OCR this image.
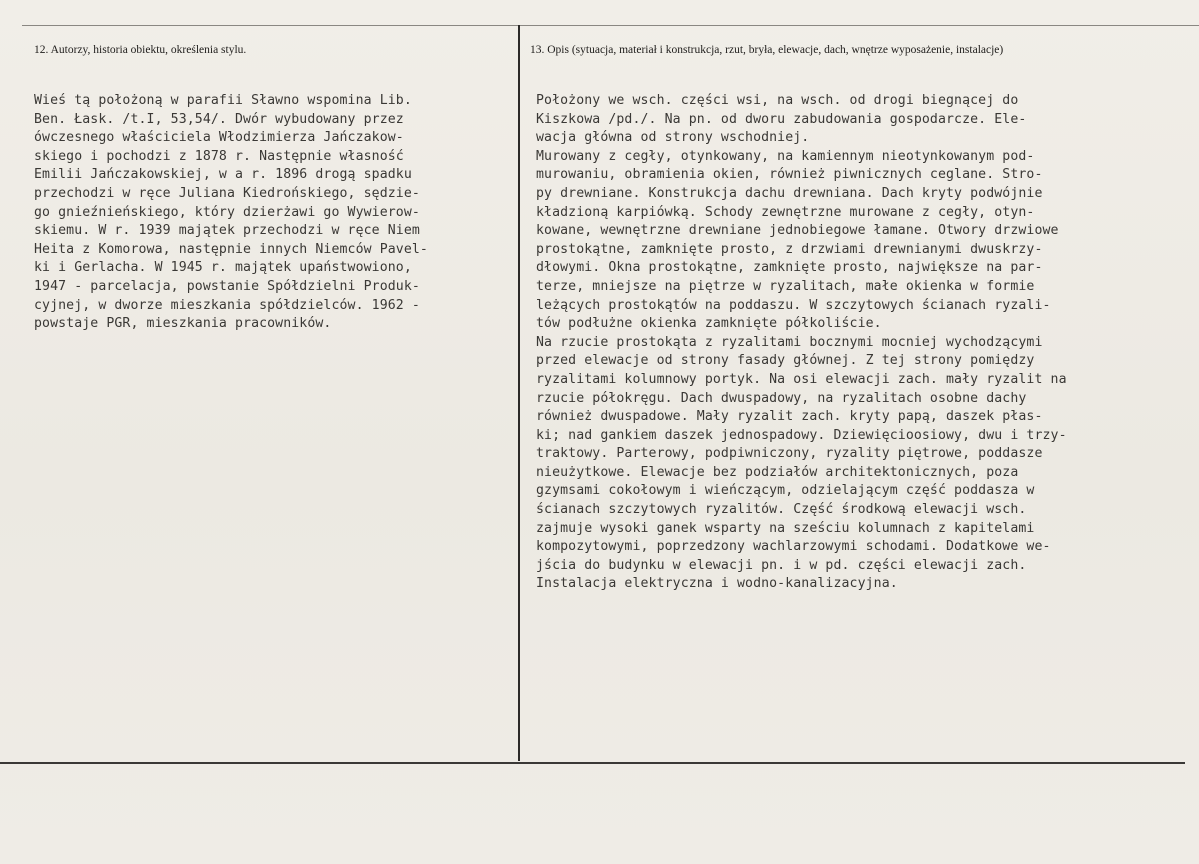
12. Autorzy, historia obiektu, określenia stylu.	13. Opis (sytuacja, materiał i konstrukcja, rzut, bryła, elewacje, dach, wnętrze wyposażenie, instalacje)
Wieś tą położoną w parafii Sławno wspomina Lib.
Ben. Łask. /t.I, 53,54/. Dwór wybudowany przez
ówczesnego właściciela Włodzimierza Jańczakow-
skiego i pochodzi z 1878 r. Następnie własność
Emilii Jańczakowskiej, w a r. 1896 drogą spadku
przechodzi w ręce Juliana Kiedrońskiego, sędzie-
go gnieźnieńskiego, który dzierżawi go Wywierow-
skiemu. W r. 1939 majątek przechodzi w ręce Niem
Heita z Komorowa, następnie innych Niemców Pavel-
ki i Gerlacha. W 1945 r. majątek upaństwowiono,
1947 - parcelacja, powstanie Spółdzielni Produk-
cyjnej, w dworze mieszkania spółdzielców. 1962 -
powstaje PGR, mieszkania pracowników.
Położony we wsch. części wsi, na wsch. od drogi biegnącej do
Kiszkowa /pd./. Na pn. od dworu zabudowania gospodarcze. Ele-
wacja główna od strony wschodniej.
Murowany z cegły, otynkowany, na kamiennym nieotynkowanym pod-
murowaniu, obramienia okien, również piwnicznych ceglane. Stro-
py drewniane. Konstrukcja dachu drewniana. Dach kryty podwójnie
kładzioną karpiówką. Schody zewnętrzne murowane z cegły, otyn-
kowane, wewnętrzne drewniane jednobiegowe łamane. Otwory drzwiowe
prostokątne, zamknięte prosto, z drzwiami drewnianymi dwuskrzy-
dłowymi. Okna prostokątne, zamknięte prosto, największe na par-
terze, mniejsze na piętrze w ryzalitach, małe okienka w formie
leżących prostokątów na poddaszu. W szczytowych ścianach ryzali-
tów podłużne okienka zamknięte półkoliście.
Na rzucie prostokąta z ryzalitami bocznymi mocniej wychodzącymi
przed elewacje od strony fasady głównej. Z tej strony pomiędzy
ryzalitami kolumnowy portyk. Na osi elewacji zach. mały ryzalit na
rzucie półokręgu. Dach dwuspadowy, na ryzalitach osobne dachy
również dwuspadowe. Mały ryzalit zach. kryty papą, daszek płas-
ki; nad gankiem daszek jednospadowy. Dziewięcioosiowy, dwu i trzy-
traktowy. Parterowy, podpiwniczony, ryzality piętrowe, poddasze
nieużytkowe. Elewacje bez podziałów architektonicznych, poza
gzymsami cokołowym i wieńczącym, odzielającym część poddasza w
ścianach szczytowych ryzalitów. Część środkową elewacji wsch.
zajmuje wysoki ganek wsparty na sześciu kolumnach z kapitelami
kompozytowymi, poprzedzony wachlarzowymi schodami. Dodatkowe we-
jścia do budynku w elewacji pn. i w pd. części elewacji zach.
Instalacja elektryczna i wodno-kanalizacyjna.
